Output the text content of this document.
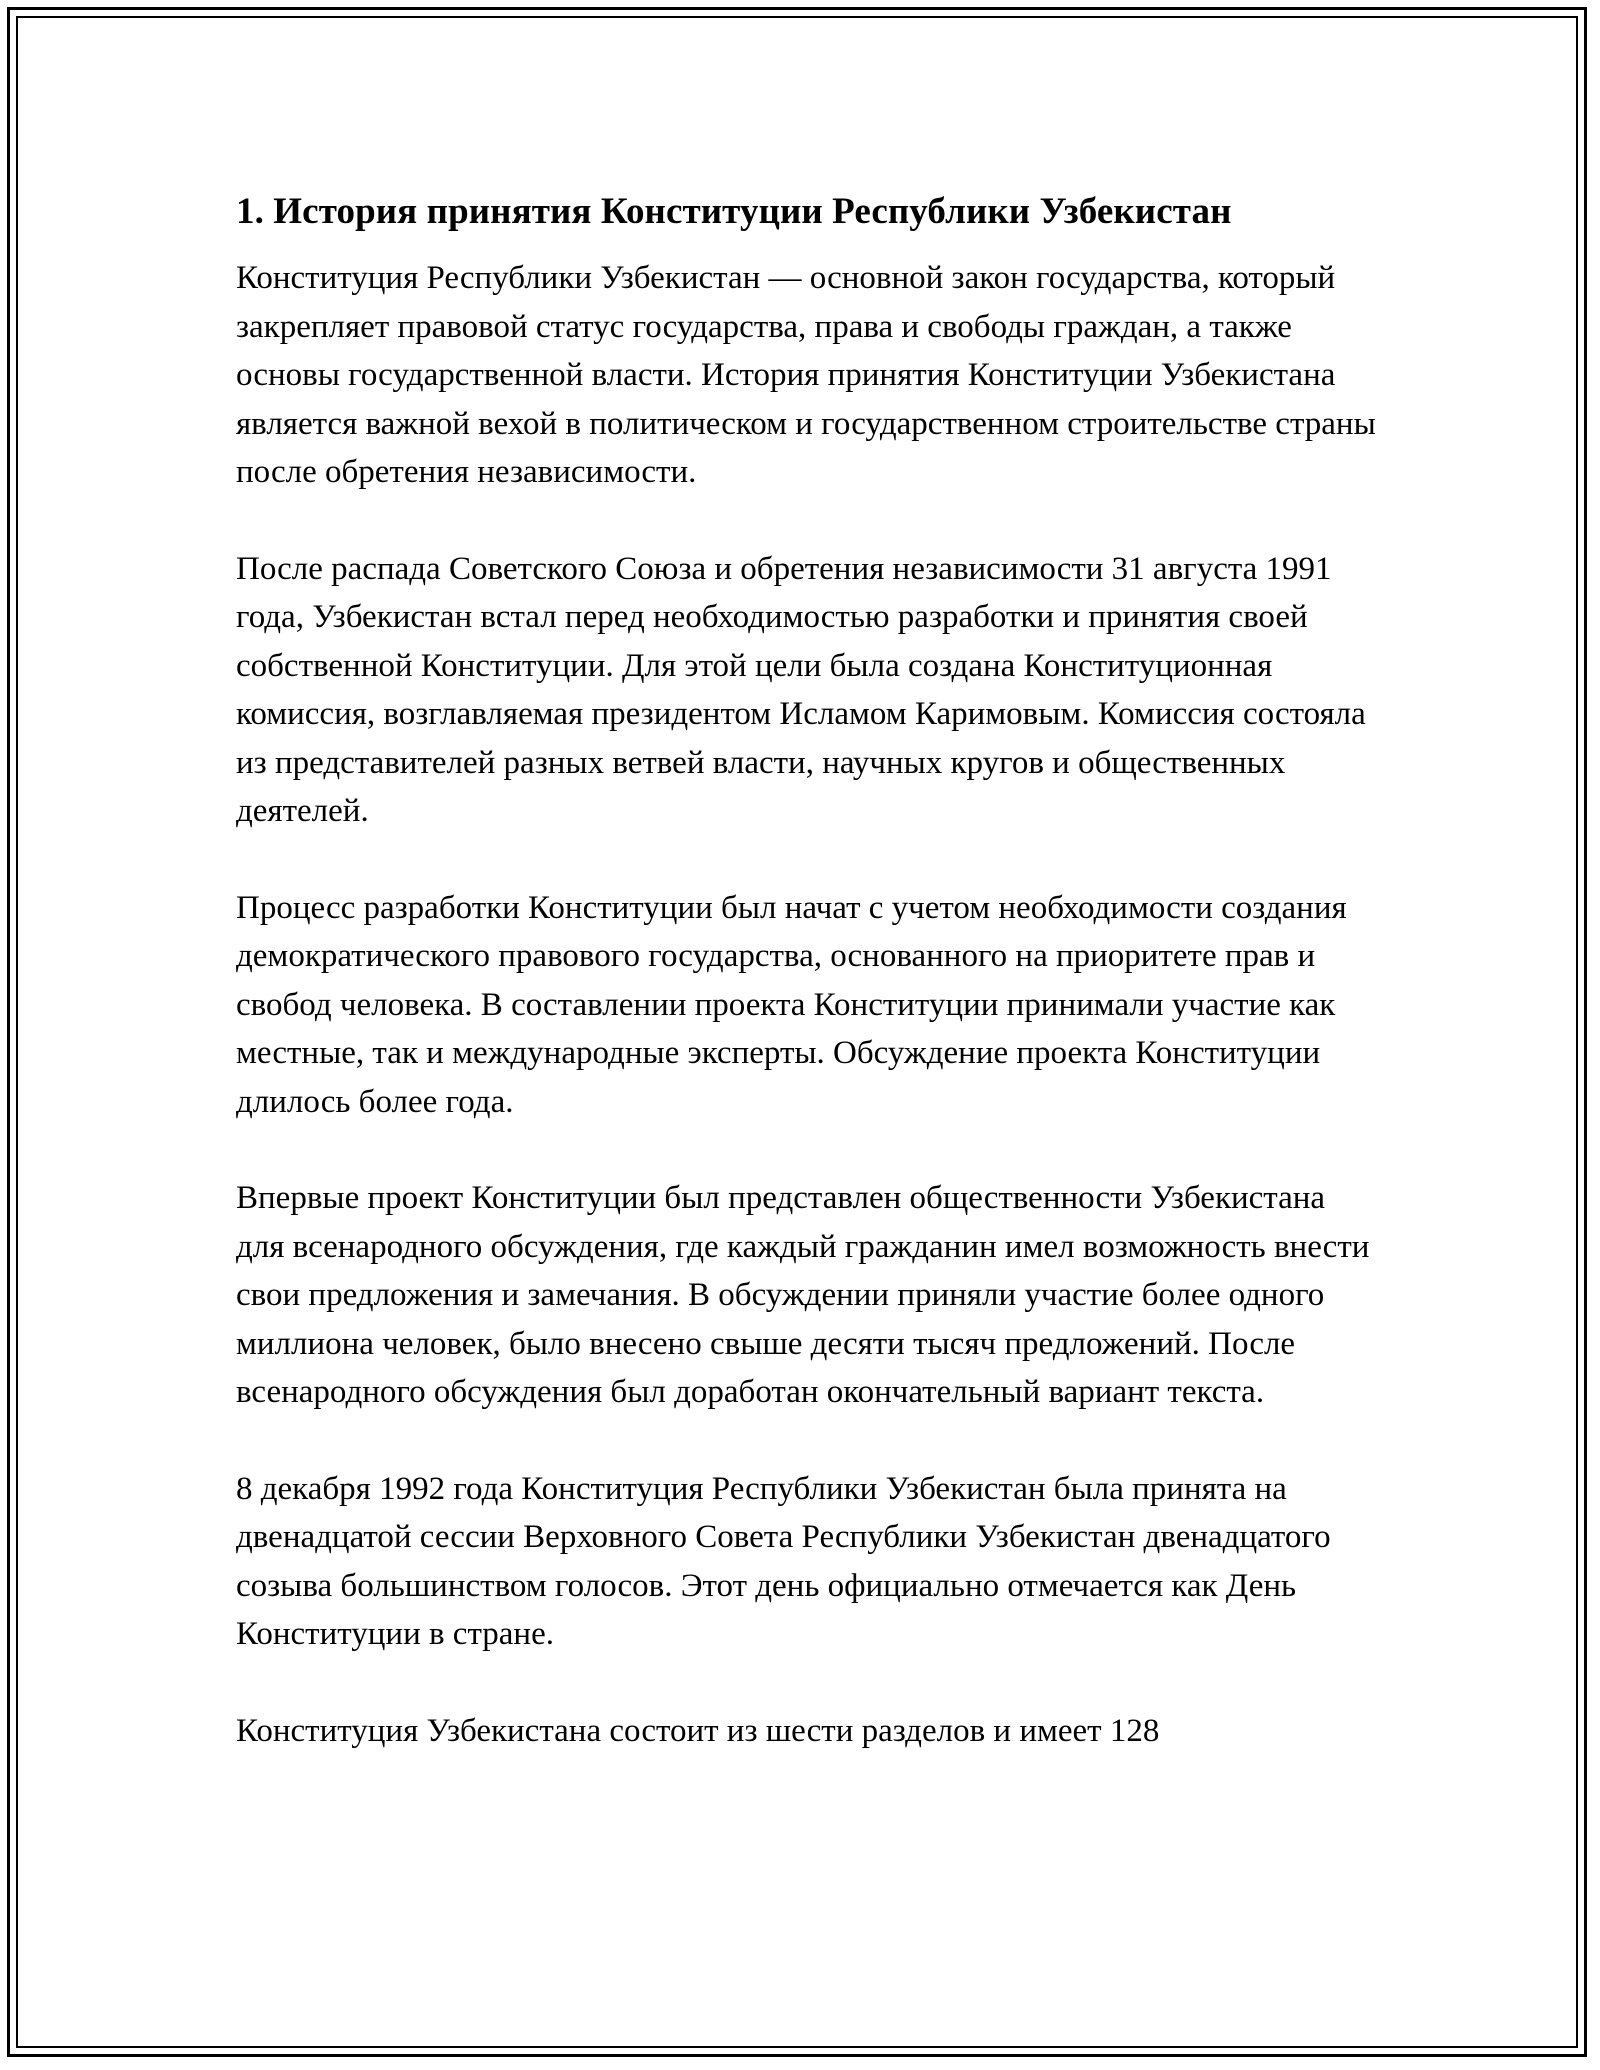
1. История принятия Конституции Республики Узбекистан

Конституция Республики Узбекистан — основной закон государства, который закрепляет правовой статус государства, права и свободы граждан, а также основы государственной власти. История принятия Конституции Узбекистана является важной вехой в политическом и государственном строительстве страны после обретения независимости.

После распада Советского Союза и обретения независимости 31 августа 1991 года, Узбекистан встал перед необходимостью разработки и принятия своей собственной Конституции. Для этой цели была создана Конституционная комиссия, возглавляемая президентом Исламом Каримовым. Комиссия состояла из представителей разных ветвей власти, научных кругов и общественных деятелей.

Процесс разработки Конституции был начат с учетом необходимости создания демократического правового государства, основанного на приоритете прав и свобод человека. В составлении проекта Конституции принимали участие как местные, так и международные эксперты. Обсуждение проекта Конституции длилось более года.

Впервые проект Конституции был представлен общественности Узбекистана для всенародного обсуждения, где каждый гражданин имел возможность внести свои предложения и замечания. В обсуждении приняли участие более одного миллиона человек, было внесено свыше десяти тысяч предложений. После всенародного обсуждения был доработан окончательный вариант текста.

8 декабря 1992 года Конституция Республики Узбекистан была принята на двенадцатой сессии Верховного Совета Республики Узбекистан двенадцатого созыва большинством голосов. Этот день официально отмечается как День Конституции в стране.

Конституция Узбекистана состоит из шести разделов и имеет 128
